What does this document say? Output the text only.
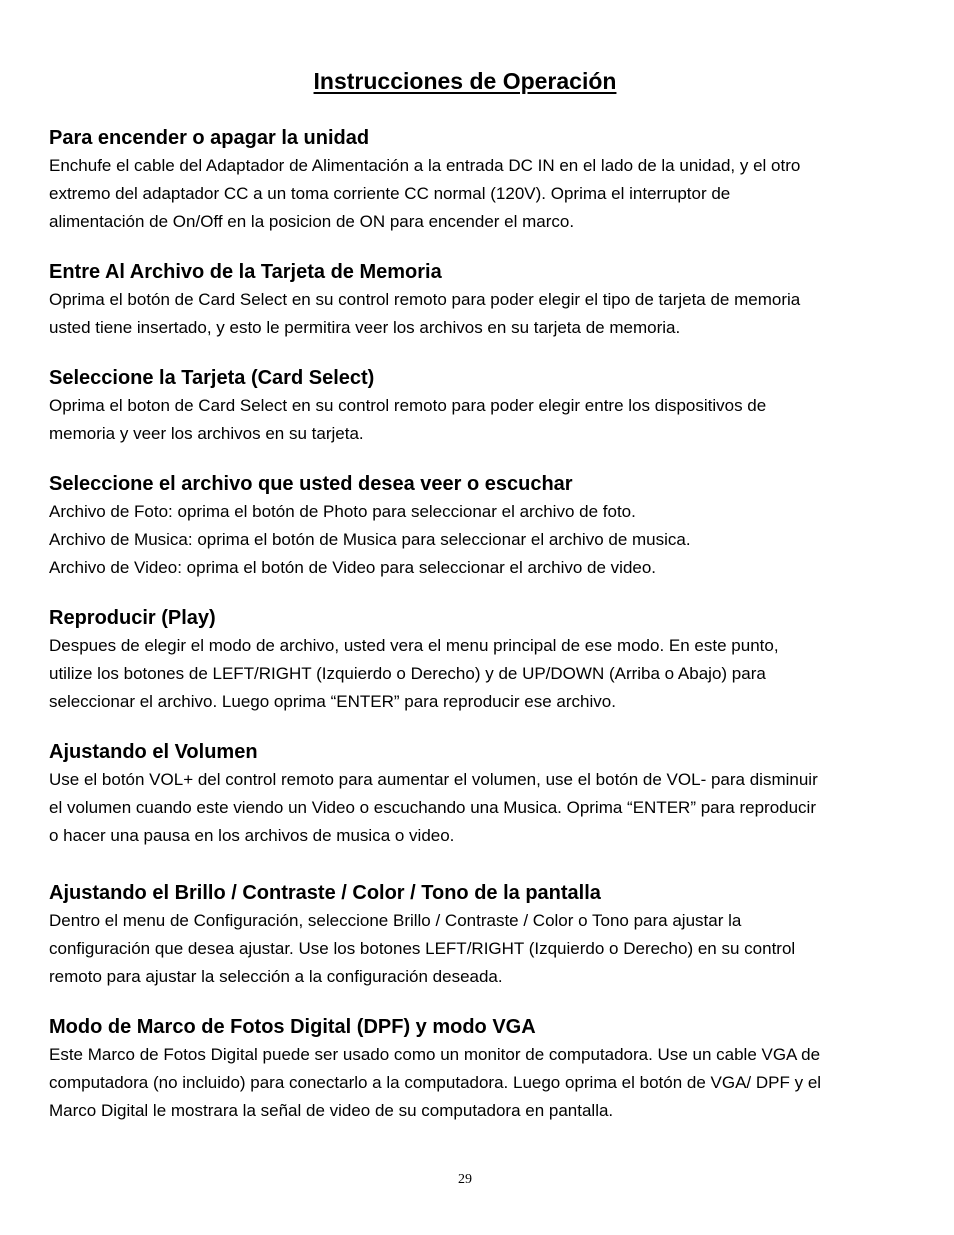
Instrucciones de Operación

Para encender o apagar la unidad

Enchufe el cable del Adaptador de Alimentación a la entrada DC IN en el lado de la unidad, y el otro

extremo del adaptador CC a un toma corriente CC normal (120V). Oprima el interruptor de

alimentación de On/Off en la posicion de ON para encender el marco.

Entre Al Archivo de la Tarjeta de Memoria

Oprima el botón de Card Select en su control remoto para poder elegir el tipo de tarjeta de memoria

usted tiene insertado, y esto le permitira veer los archivos en su tarjeta de memoria.

Seleccione la Tarjeta (Card Select)

Oprima el boton de Card Select en su control remoto para poder elegir entre los dispositivos de

memoria y veer los archivos en su tarjeta.

Seleccione el archivo que usted desea veer o escuchar

Archivo de Foto: oprima el botón de Photo para seleccionar el archivo de foto.

Archivo de Musica: oprima el botón de Musica para seleccionar el archivo de musica.

Archivo de Video: oprima el botón de Video para seleccionar el archivo de video.

Reproducir (Play)

Despues de elegir el modo de archivo, usted vera el menu principal de ese modo. En este punto,

utilize los botones de LEFT/RIGHT (Izquierdo o Derecho) y de UP/DOWN (Arriba o Abajo) para

seleccionar el archivo. Luego oprima “ENTER” para reproducir ese archivo.

Ajustando el Volumen

Use el botón VOL+ del control remoto para aumentar el volumen, use el botón de VOL- para disminuir

el volumen cuando este viendo un Video o escuchando una Musica. Oprima “ENTER” para reproducir

o hacer una pausa en los archivos de musica o video.

Ajustando el Brillo / Contraste / Color / Tono de la pantalla

Dentro el menu de Configuración, seleccione Brillo / Contraste / Color o Tono para ajustar la

configuración que desea ajustar. Use los botones LEFT/RIGHT (Izquierdo o Derecho) en su control

remoto para ajustar la selección a la configuración deseada.

Modo de Marco de Fotos Digital (DPF) y modo VGA

Este Marco de Fotos Digital puede ser usado como un monitor de computadora. Use un cable VGA de

computadora (no incluido) para conectarlo a la computadora. Luego oprima el botón de VGA/ DPF y el

Marco Digital le mostrara la señal de video de su computadora en pantalla.

29
